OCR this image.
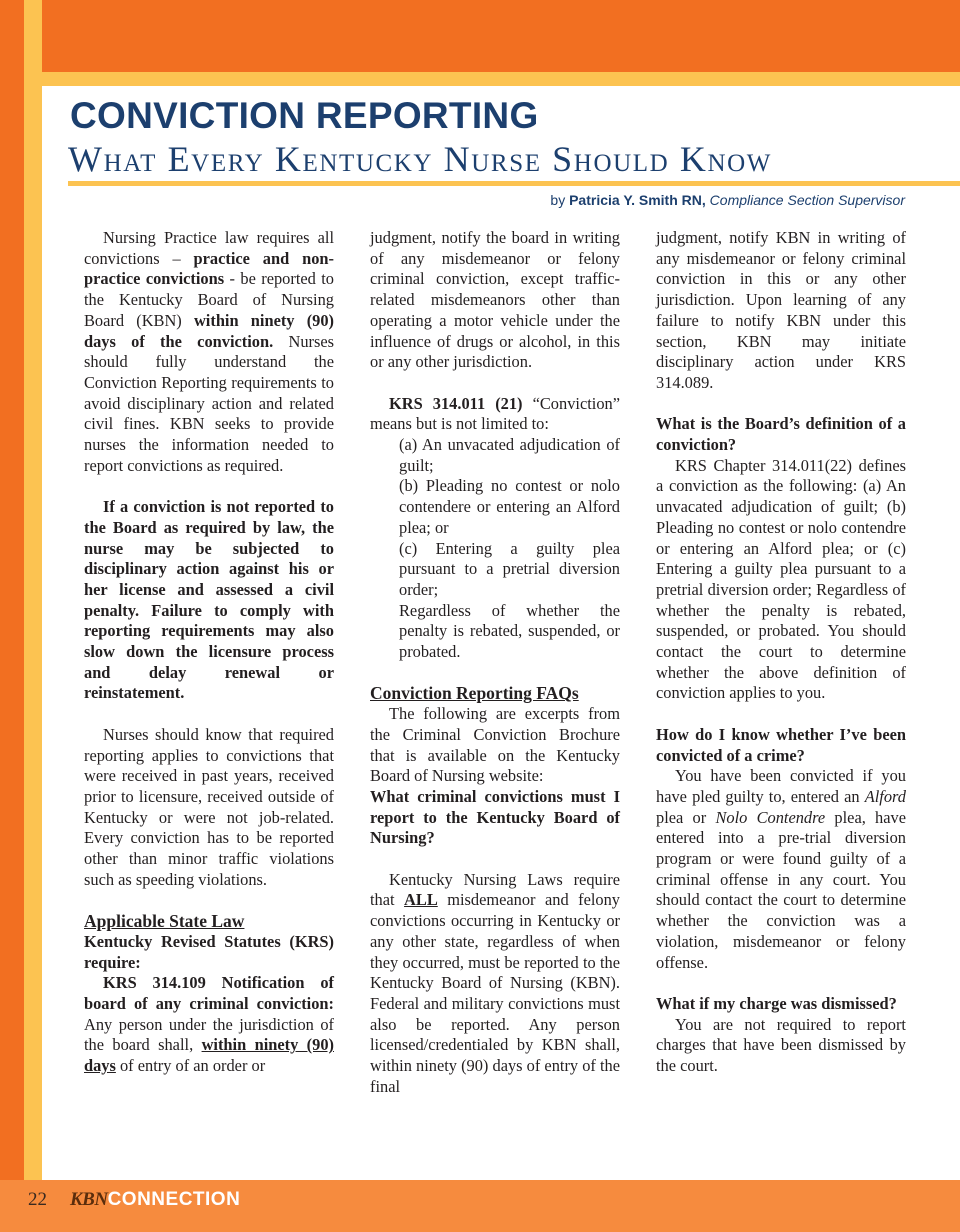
22 KBNCONNECTION
CONVICTION REPORTING
What Every Kentucky Nurse Should Know
by Patricia Y. Smith RN, Compliance Section Supervisor

Nursing Practice law requires all convictions – practice and non-practice convictions - be reported to the Kentucky Board of Nursing Board (KBN) within ninety (90) days of the conviction. Nurses should fully understand the Conviction Reporting requirements to avoid disciplinary action and related civil fines. KBN seeks to provide nurses the information needed to report convictions as required.

If a conviction is not reported to the Board as required by law, the nurse may be subjected to disciplinary action against his or her license and assessed a civil penalty. Failure to comply with reporting requirements may also slow down the licensure process and delay renewal or reinstatement.

Nurses should know that required reporting applies to convictions that were received in past years, received prior to licensure, received outside of Kentucky or were not job-related. Every conviction has to be reported other than minor traffic violations such as speeding violations.

Applicable State Law

Kentucky Revised Statutes (KRS) require:

KRS 314.109 Notification of board of any criminal conviction: Any person under the jurisdiction of the board shall, within ninety (90) days of entry of an order or

judgment, notify the board in writing of any misdemeanor or felony criminal conviction, except traffic-related misdemeanors other than operating a motor vehicle under the influence of drugs or alcohol, in this or any other jurisdiction.

KRS 314.011 (21) “Conviction” means but is not limited to:

(a) An unvacated adjudication of guilt;

(b) Pleading no contest or nolo contendere or entering an Alford plea; or

(c) Entering a guilty plea pursuant to a pretrial diversion order;

Regardless of whether the penalty is rebated, suspended, or probated.

Conviction Reporting FAQs

The following are excerpts from the Criminal Conviction Brochure that is available on the Kentucky Board of Nursing website:

What criminal convictions must I report to the Kentucky Board of Nursing?

Kentucky Nursing Laws require that ALL misdemeanor and felony convictions occurring in Kentucky or any other state, regardless of when they occurred, must be reported to the Kentucky Board of Nursing (KBN). Federal and military convictions must also be reported. Any person licensed/credentialed by KBN shall, within ninety (90) days of entry of the final

judgment, notify KBN in writing of any misdemeanor or felony criminal conviction in this or any other jurisdiction. Upon learning of any failure to notify KBN under this section, KBN may initiate disciplinary action under KRS 314.089.

What is the Board’s definition of a conviction?

KRS Chapter 314.011(22) defines a conviction as the following: (a) An unvacated adjudication of guilt; (b) Pleading no contest or nolo contendre or entering an Alford plea; or (c) Entering a guilty plea pursuant to a pretrial diversion order; Regardless of whether the penalty is rebated, suspended, or probated. You should contact the court to determine whether the above definition of conviction applies to you.

How do I know whether I’ve been convicted of a crime?

You have been convicted if you have pled guilty to, entered an Alford plea or Nolo Contendre plea, have entered into a pre-trial diversion program or were found guilty of a criminal offense in any court. You should contact the court to determine whether the conviction was a violation, misdemeanor or felony offense.

What if my charge was dismissed?

You are not required to report charges that have been dismissed by the court.
